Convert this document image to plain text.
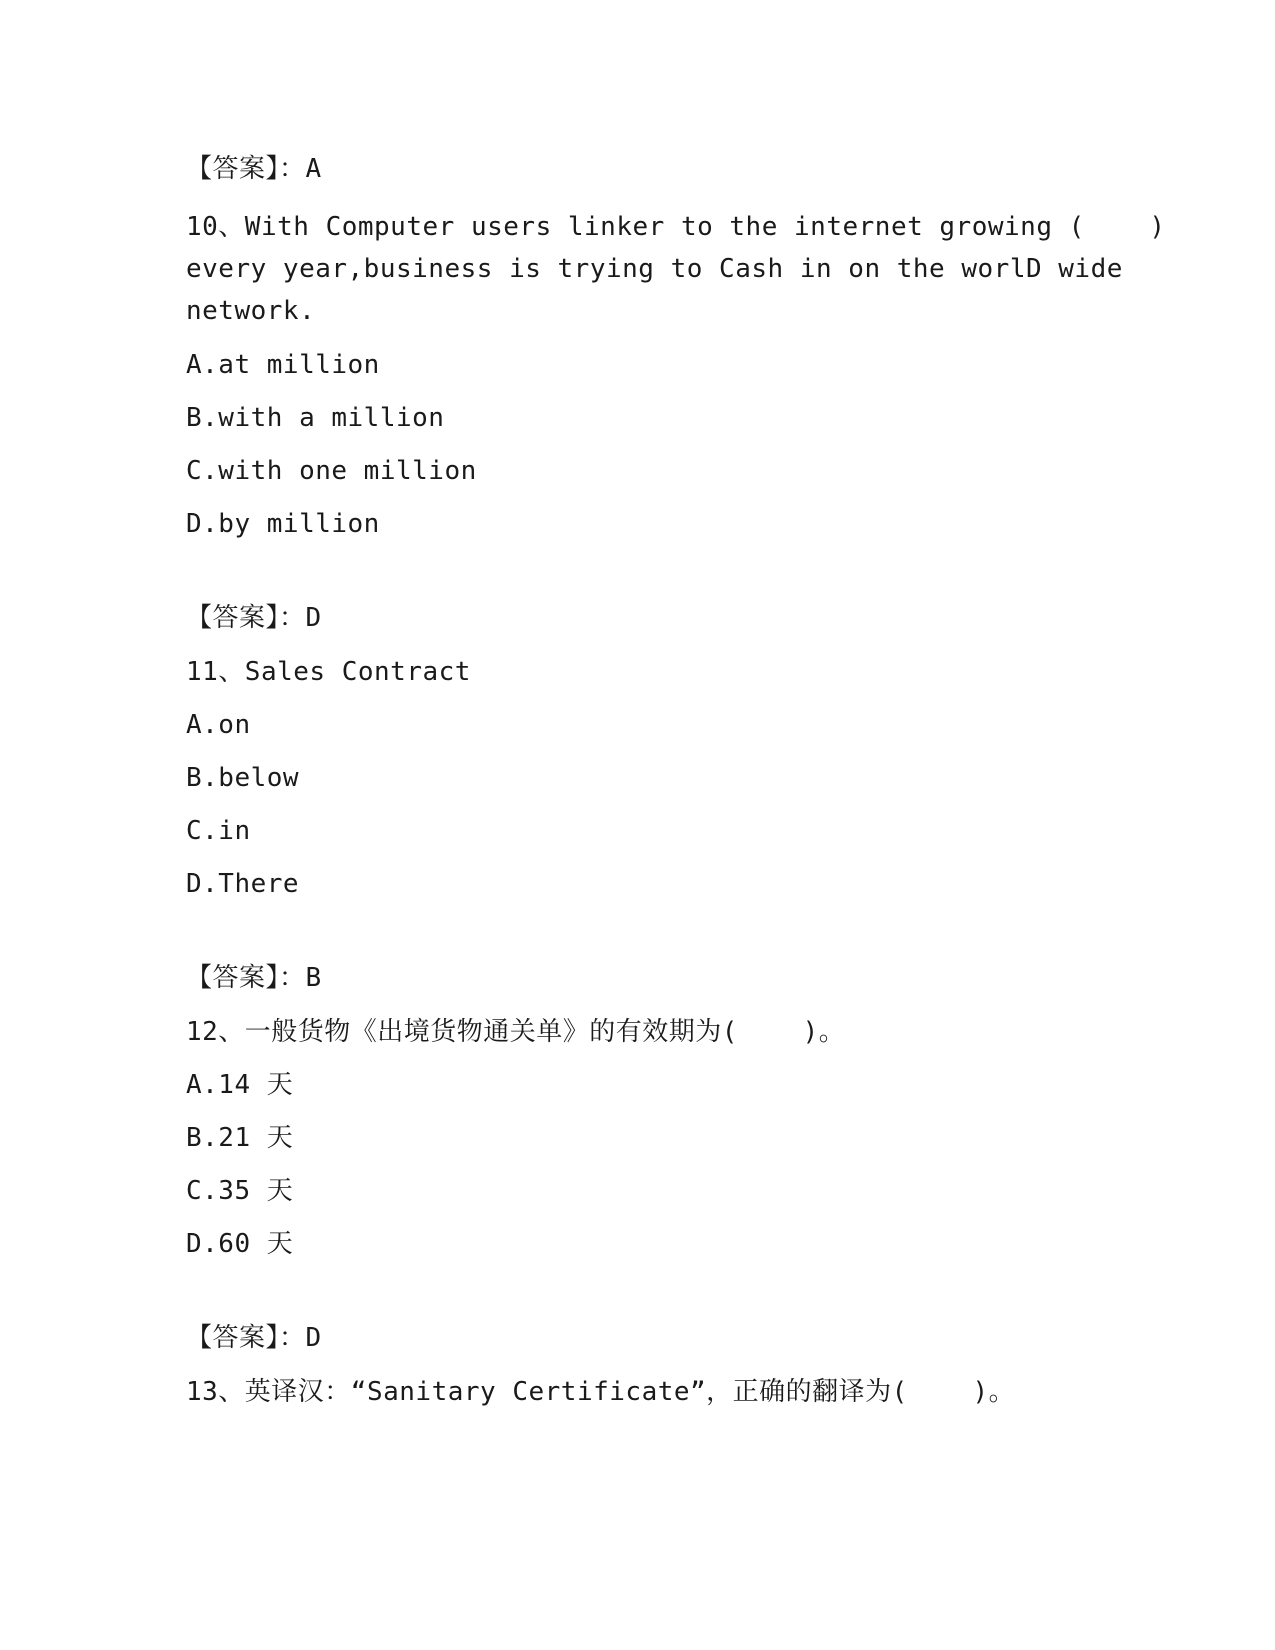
【答案】：A
10、With Computer users linker to the internet growing (    )
every year,business is trying to Cash in on the worlD wide
network.
A.at million
B.with a million
C.with one million
D.by million
【答案】：D
11、Sales Contract
A.on
B.below
C.in
D.There
【答案】：B
12、一般货物《出境货物通关单》的有效期为(    )。
A.14 天
B.21 天
C.35 天
D.60 天
【答案】：D
13、英译汉：“Sanitary Certificate”，正确的翻译为(    )。
